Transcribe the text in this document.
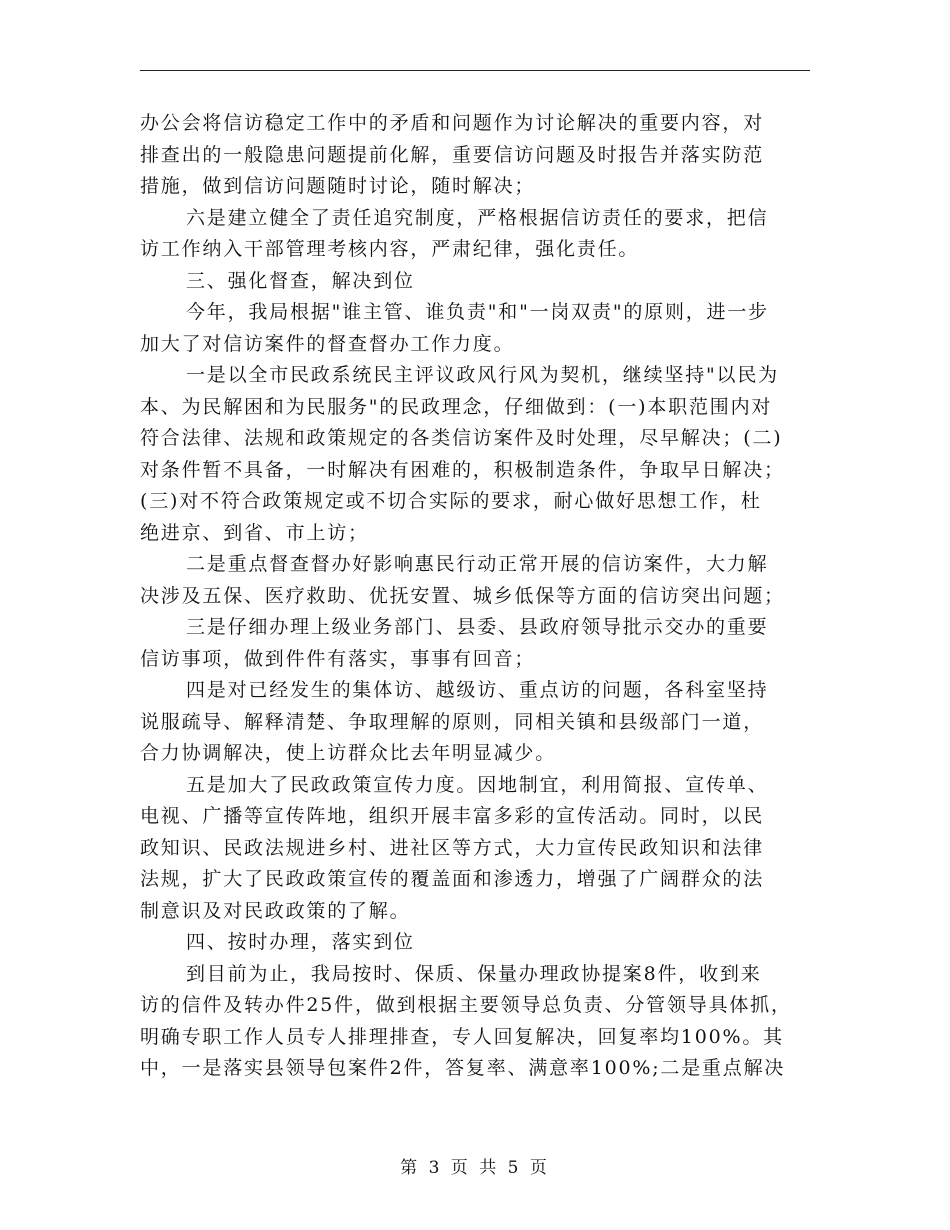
办公会将信访稳定工作中的矛盾和问题作为讨论解决的重要内容，对
排查出的一般隐患问题提前化解，重要信访问题及时报告并落实防范
措施，做到信访问题随时讨论，随时解决；
六是建立健全了责任追究制度，严格根据信访责任的要求，把信
访工作纳入干部管理考核内容，严肃纪律，强化责任。
三、强化督查，解决到位
今年，我局根据"谁主管、谁负责"和"一岗双责"的原则，进一步
加大了对信访案件的督查督办工作力度。
一是以全市民政系统民主评议政风行风为契机，继续坚持"以民为
本、为民解困和为民服务"的民政理念，仔细做到：(一)本职范围内对
符合法律、法规和政策规定的各类信访案件及时处理，尽早解决；(二)
对条件暂不具备，一时解决有困难的，积极制造条件，争取早日解决；
(三)对不符合政策规定或不切合实际的要求，耐心做好思想工作，杜
绝进京、到省、市上访；
二是重点督查督办好影响惠民行动正常开展的信访案件，大力解
决涉及五保、医疗救助、优抚安置、城乡低保等方面的信访突出问题；
三是仔细办理上级业务部门、县委、县政府领导批示交办的重要
信访事项，做到件件有落实，事事有回音；
四是对已经发生的集体访、越级访、重点访的问题，各科室坚持
说服疏导、解释清楚、争取理解的原则，同相关镇和县级部门一道，
合力协调解决，使上访群众比去年明显减少。
五是加大了民政政策宣传力度。因地制宜，利用简报、宣传单、
电视、广播等宣传阵地，组织开展丰富多彩的宣传活动。同时，以民
政知识、民政法规进乡村、进社区等方式，大力宣传民政知识和法律
法规，扩大了民政政策宣传的覆盖面和渗透力，增强了广阔群众的法
制意识及对民政政策的了解。
四、按时办理，落实到位
到目前为止，我局按时、保质、保量办理政协提案8件，收到来
访的信件及转办件25件，做到根据主要领导总负责、分管领导具体抓，
明确专职工作人员专人排理排查，专人回复解决，回复率均100%。其
中，一是落实县领导包案件2件，答复率、满意率100%;二是重点解决
第 3 页 共 5 页
